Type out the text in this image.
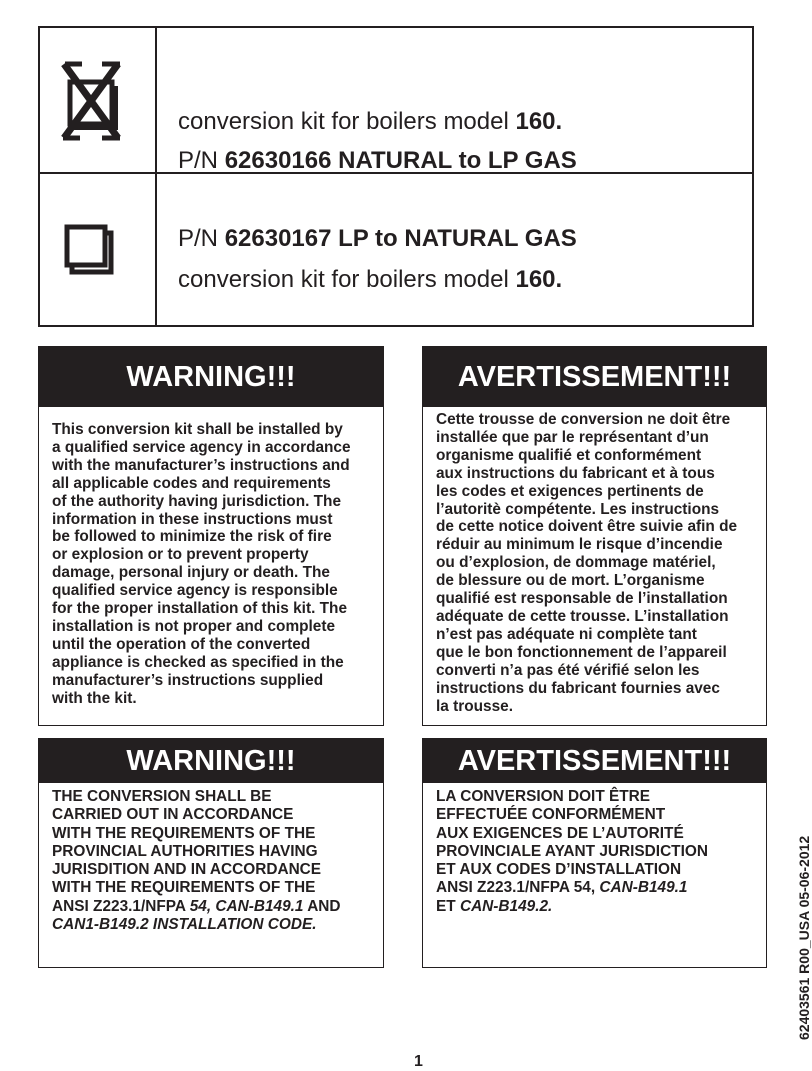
conversion kit for boilers model 160.
P/N 62630166 NATURAL to LP GAS
P/N 62630167 LP to NATURAL GAS
conversion kit for boilers model 160.
WARNING!!!
This conversion kit shall be installed by
a qualified service agency in accordance
with the manufacturer’s instructions and
all applicable codes and requirements
of the authority having jurisdiction. The
information in these instructions must
be followed to minimize the risk of fire
or explosion or to prevent property
damage, personal injury or death. The
qualified service agency is responsible
for the proper installation of this kit. The
installation is not proper and complete
until the operation of the converted
appliance is checked as specified in the
manufacturer’s instructions supplied
with the kit.
AVERTISSEMENT!!!
Cette trousse de conversion ne doit être
installée que par le représentant d’un
organisme qualifié et conformément
aux instructions du fabricant et à tous
les codes et exigences pertinents de
l’autoritè compétente. Les instructions
de cette notice doivent être suivie afin de
réduir au minimum le risque d’incendie
ou d’explosion, de dommage matériel,
de blessure ou de mort. L’organisme
qualifié est responsable de l’installation
adéquate de cette trousse. L’installation
n’est pas adéquate ni complète tant
que le bon fonctionnement de l’appareil
converti n’a pas été vérifié selon les
instructions du fabricant fournies avec
la trousse.
WARNING!!!
THE CONVERSION SHALL BE
CARRIED OUT IN ACCORDANCE
WITH THE REQUIREMENTS OF THE
PROVINCIAL AUTHORITIES HAVING
JURISDITION AND IN ACCORDANCE
WITH THE REQUIREMENTS OF THE
ANSI Z223.1/NFPA 54, CAN-B149.1 AND
CAN1-B149.2 INSTALLATION CODE.
AVERTISSEMENT!!!
LA CONVERSION DOIT ÊTRE
EFFECTUÉE CONFORMÉMENT
AUX EXIGENCES DE L’AUTORITÉ
PROVINCIALE AYANT JURISDICTION
ET AUX CODES D’INSTALLATION
ANSI Z223.1/NFPA 54, CAN-B149.1
ET CAN-B149.2.	62403561 R00_USA 05-06-2012
1
